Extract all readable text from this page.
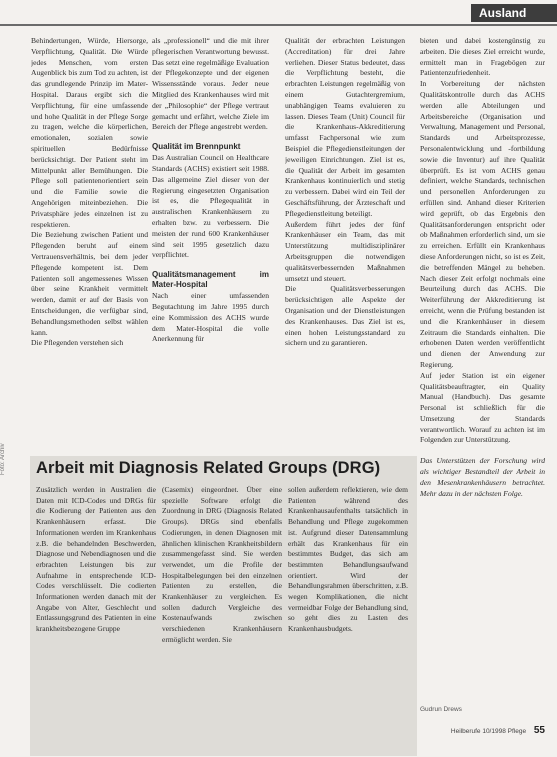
Ausland
Foto: Archiv

Behindertungen, Würde, Hiersorge, Verpflichtung, Qualität. Die Würde jedes Menschen, vom ersten Augenblick bis zum Tod zu achten, ist das grundlegende Prinzip im Mater-Hospital. Daraus ergibt sich die Verpflichtung, für eine umfassende und hohe Qualität in der Pflege Sorge zu tragen, welche die körperlichen, emotionalen, sozialen sowie spirituellen Bedürfnisse berücksichtigt. Der Patient steht im Mittelpunkt aller Bemühungen. Die Pflege soll patientenorientiert sein und die Familie sowie die Angehörigen miteinbeziehen. Die Privatsphäre jedes einzelnen ist zu respektieren.

Die Beziehung zwischen Patient und Pflegenden beruht auf einem Vertrauensverhältnis, bei dem jeder Pflegende kompetent ist. Dem Patienten soll angemessenes Wissen über seine Krankheit vermittelt werden, damit er auf der Basis von Entscheidungen, die verfügbar sind, Behandlungsmethoden selbst wählen kann.

Die Pflegenden verstehen sich

als „professionell“ und die mit ihrer pflegerischen Verantwortung bewusst. Das setzt eine regelmäßige Evaluation der Pflegekonzepte und der eigenen Wissensstände voraus. Jeder neue Mitglied des Krankenhauses wird mit der „Philosophie“ der Pflege vertraut gemacht und erfährt, welche Ziele im Bereich der Pflege angestrebt werden.

Qualität im Brennpunkt

Das Australian Council on Healthcare Standards (ACHS) existiert seit 1988. Das allgemeine Ziel dieser von der Regierung eingesetzten Organisation ist es, die Pflegequalität in australischen Krankenhäusern zu erhalten bzw. zu verbessern. Die meisten der rund 600 Krankenhäuser sind seit 1995 gesetzlich dazu verpflichtet.

Qualitätsmanagement im Mater-Hospital

Nach einer umfassenden Begutachtung im Jahre 1995 durch eine Kommission des ACHS wurde dem Mater-Hospital die volle Anerkennung für

Qualität der erbrachten Leistungen (Accreditation) für drei Jahre verliehen. Dieser Status bedeutet, dass die Verpflichtung besteht, die erbrachten Leistungen regelmäßig von einem Gutachtergremium, unabhängigen Teams evaluieren zu lassen. Dieses Team (Unit) Council für die Krankenhaus-Akkreditierung umfasst Fachpersonal wie zum Beispiel die Pflegedienstleitungen der jeweiligen Einrichtungen. Ziel ist es, die Qualität der Arbeit im gesamten Krankenhaus kontinuierlich und stetig zu verbessern. Dabei wird ein Teil der Geschäftsführung, der Ärzteschaft und Pflegedienstleitung beteiligt.

Außerdem führt jedes der fünf Krankenhäuser ein Team, das mit Unterstützung multidisziplinärer Arbeitsgruppen die notwendigen qualitätsverbessernden Maßnahmen umsetzt und steuert.

Die Qualitätsverbesserungen berücksichtigen alle Aspekte der Organisation und der Dienstleistungen des Krankenhauses. Das Ziel ist es, einen hohen Leistungsstandard zu sichern und zu garantieren.

bieten und dabei kostengünstig zu arbeiten. Die dieses Ziel erreicht wurde, ermittelt man in Fragebögen zur Patientenzufriedenheit.

In Vorbereitung der nächsten Qualitätskontrolle durch das ACHS werden alle Abteilungen und Arbeitsbereiche (Organisation und Verwaltung, Management und Personal, Standards und Arbeitsprozesse, Personalentwicklung und -fortbildung sowie die Inventur) auf ihre Qualität überprüft. Es ist vom ACHS genau definiert, welche Standards, technischen und personellen Anforderungen zu erfüllen sind. Anhand dieser Kriterien wird geprüft, ob das Ergebnis den Qualitätsanforderungen entspricht oder ob Maßnahmen erforderlich sind, um sie zu erreichen. Erfüllt ein Krankenhaus diese Anforderungen nicht, so ist es Zeit, die betreffenden Mängel zu beheben. Nach dieser Zeit erfolgt nochmals eine Beurteilung durch das ACHS. Die Weiterführung der Akkreditierung ist erreicht, wenn die Prüfung bestanden ist und die Krankenhäuser in diesem Zeitraum die Standards einhalten. Die erhobenen Daten werden veröffentlicht und dienen der Anwendung zur Regierung.

Auf jeder Station ist ein eigener Qualitätsbeauftragter, ein Quality Manual (Handbuch). Das gesamte Personal ist schließlich für die Umsetzung der Standards verantwortlich. Worauf zu achten ist im Folgenden zur Unterstützung.

Das Unterstützen der Forschung wird als wichtiger Bestandteil der Arbeit in den Mesenkrankenhäusern betrachtet. Mehr dazu in der nächsten Folge.

Arbeit mit Diagnosis Related Groups (DRG)
Zusätzlich werden in Australien die Daten mit ICD-Codes und DRGs für die Kodierung der Patienten aus den Krankenhäusern erfasst. Die Informationen werden im Krankenhaus z.B. die behandelnden Beschwerden, Diagnose und Nebendiagnosen und die erbrachten Leistungen bis zur Aufnahme in entsprechende ICD-Codes verschlüsselt. Die codierten Informationen werden danach mit der Angabe von Alter, Geschlecht und Entlassungsgrund des Patienten in eine krankheitsbezogene Gruppe
(Casemix) eingeordnet. Über eine spezielle Software erfolgt die Zuordnung in DRG (Diagnosis Related Groups). DRGs sind ebenfalls Codierungen, in denen Diagnosen mit ähnlichen klinischen Krankheitsbildern zusammengefasst sind. Sie werden verwendet, um die Profile der Hospitalbelegungen bei den einzelnen Patienten zu erstellen, die Krankenhäuser zu vergleichen. Es sollen dadurch Vergleiche des Kostenaufwands zwischen verschiedenen Krankenhäusern ermöglicht werden. Sie
sollen außerdem reflektieren, wie dem Patienten während des Krankenhausaufenthalts tatsächlich in Behandlung und Pflege zugekommen ist. Aufgrund dieser Datensammlung erhält das Krankenhaus für ein bestimmtes Budget, das sich am bestimmten Behandlungsaufwand orientiert. Wird der Behandlungsrahmen überschritten, z.B. wegen Komplikationen, die nicht vermeidbar Folge der Behandlung sind, so geht dies zu Lasten des Krankenhausbudgets.
Gudrun Drews
Heilberufe 10/1998 Pflege 55
